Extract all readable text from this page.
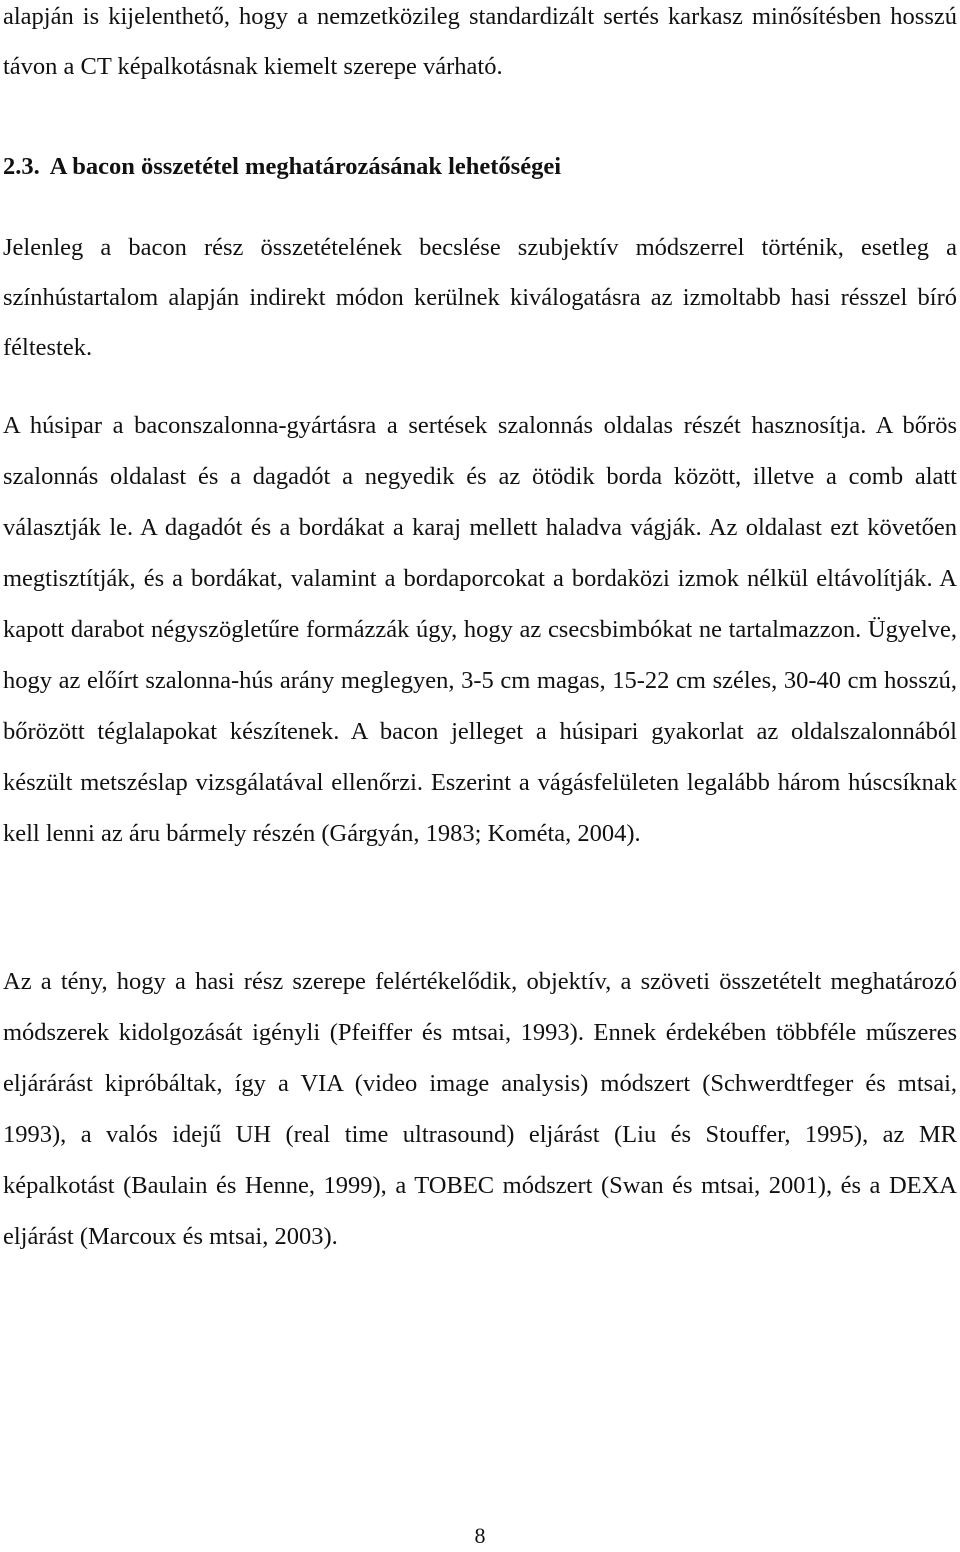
alapján is kijelenthető, hogy a nemzetközileg standardizált sertés karkasz minősítésben hosszú távon a CT képalkotásnak kiemelt szerepe várható.

2.3. A bacon összetétel meghatározásának lehetőségei

Jelenleg a bacon rész összetételének becslése szubjektív módszerrel történik, esetleg a színhústartalom alapján indirekt módon kerülnek kiválogatásra az izmoltabb hasi résszel bíró féltestek.

A húsipar a baconszalonna-gyártásra a sertések szalonnás oldalas részét hasznosítja. A bőrös szalonnás oldalast és a dagadót a negyedik és az ötödik borda között, illetve a comb alatt választják le. A dagadót és a bordákat a karaj mellett haladva vágják. Az oldalast ezt követően megtisztítják, és a bordákat, valamint a bordaporcokat a bordaközi izmok nélkül eltávolítják. A kapott darabot négyszögletűre formázzák úgy, hogy az csecsbimbókat ne tartalmazzon. Ügyelve, hogy az előírt szalonna-hús arány meglegyen, 3-5 cm magas, 15-22 cm széles, 30-40 cm hosszú, bőrözött téglalapokat készítenek. A bacon jelleget a húsipari gyakorlat az oldalszalonnából készült metszéslap vizsgálatával ellenőrzi. Eszerint a vágásfelületen legalább három húscsíknak kell lenni az áru bármely részén (Gárgyán, 1983; Kométa, 2004).

Az a tény, hogy a hasi rész szerepe felértékelődik, objektív, a szöveti összetételt meghatározó módszerek kidolgozását igényli (Pfeiffer és mtsai, 1993). Ennek érdekében többféle műszeres eljárárást kipróbáltak, így a VIA (video image analysis) módszert (Schwerdtfeger és mtsai, 1993), a valós idejű UH (real time ultrasound) eljárást (Liu és Stouffer, 1995), az MR képalkotást (Baulain és Henne, 1999), a TOBEC módszert (Swan és mtsai, 2001), és a DEXA eljárást (Marcoux és mtsai, 2003).

8
